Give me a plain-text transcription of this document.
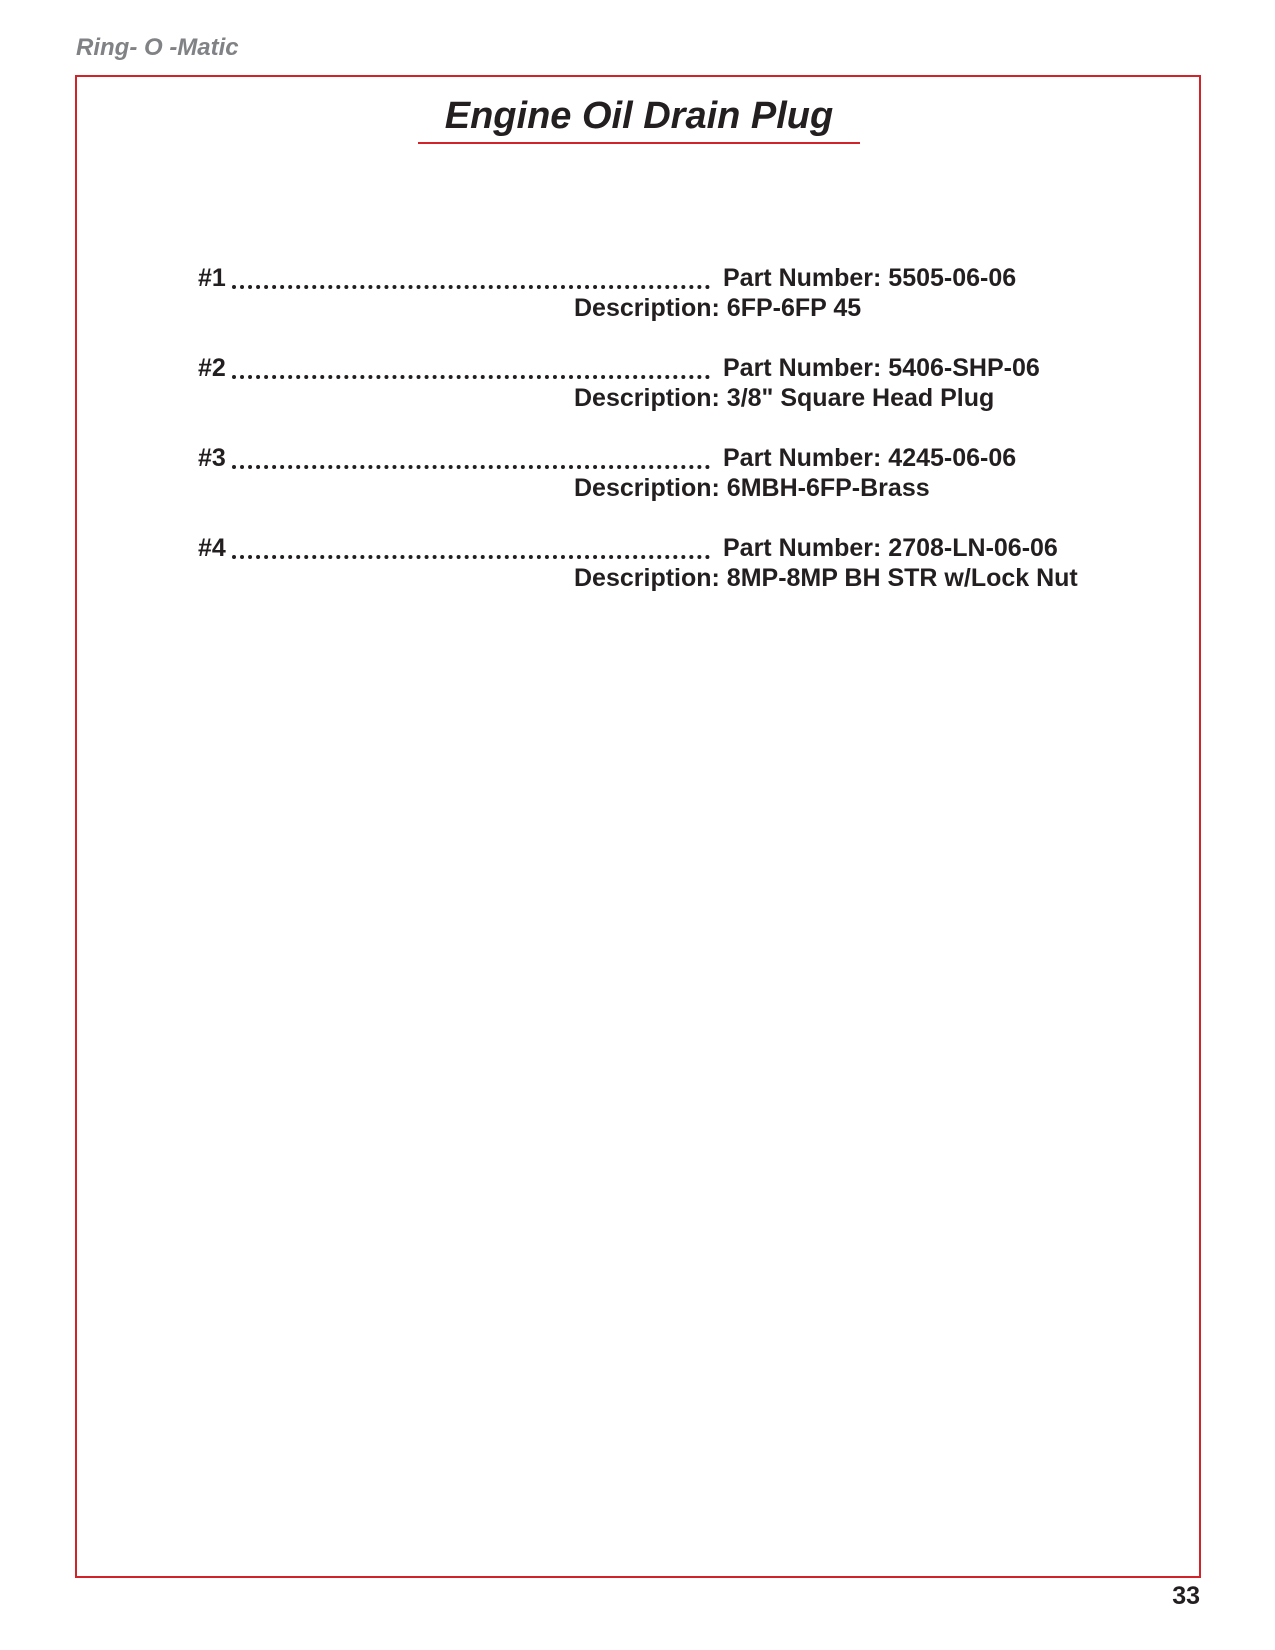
Ring- O -Matic
Engine Oil Drain Plug
#1	Part Number: 5505-06-06
Description: 6FP-6FP 45
#2	Part Number: 5406-SHP-06
Description: 3/8" Square Head Plug
#3	Part Number: 4245-06-06
Description: 6MBH-6FP-Brass
#4	Part Number: 2708-LN-06-06
Description: 8MP-8MP BH STR w/Lock Nut
33
